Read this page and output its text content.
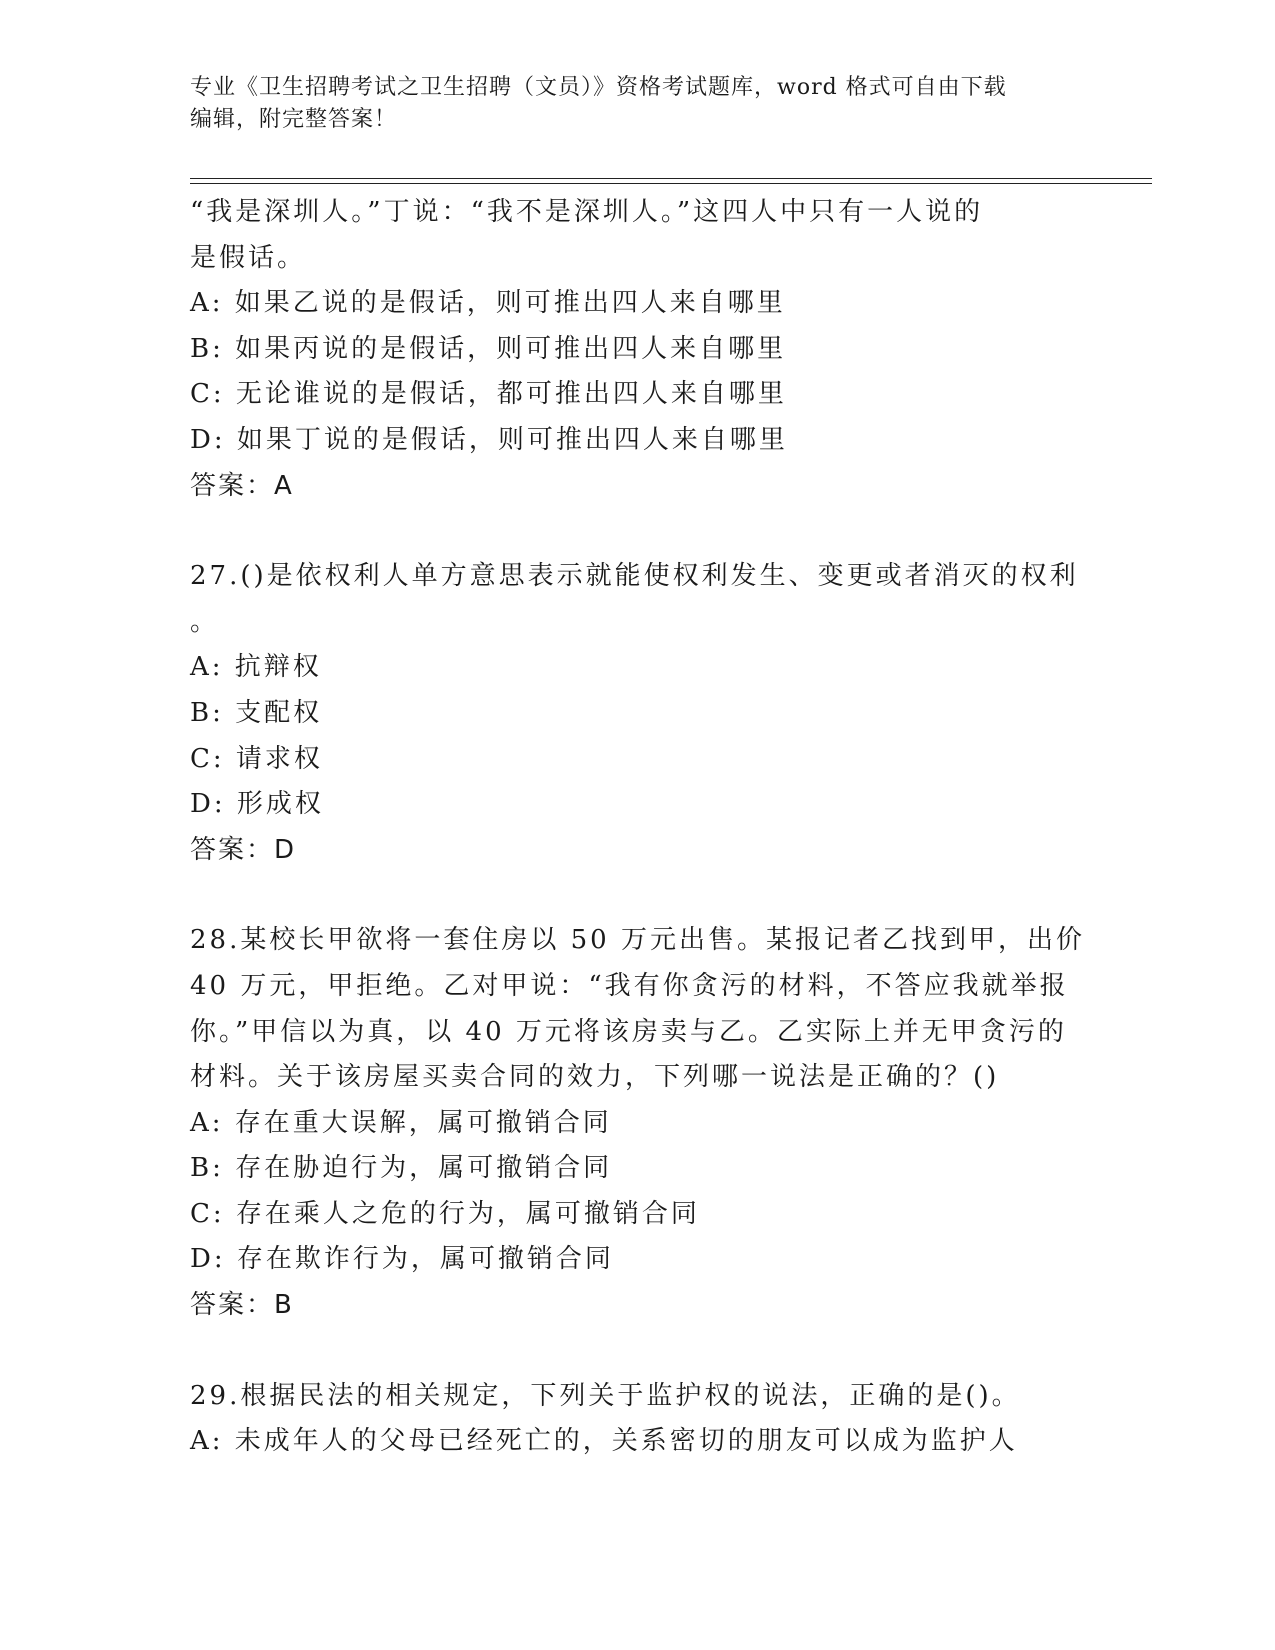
专业《卫生招聘考试之卫生招聘（文员）》资格考试题库，word 格式可自由下载
编辑，附完整答案！
“我是深圳人。”丁说：“我不是深圳人。”这四人中只有一人说的
是假话。
A: 如果乙说的是假话，则可推出四人来自哪里
B: 如果丙说的是假话，则可推出四人来自哪里
C: 无论谁说的是假话，都可推出四人来自哪里
D: 如果丁说的是假话，则可推出四人来自哪里
答案：A
27.()是依权利人单方意思表示就能使权利发生、变更或者消灭的权利
。
A: 抗辩权
B: 支配权
C: 请求权
D: 形成权
答案：D
28.某校长甲欲将一套住房以 50 万元出售。某报记者乙找到甲，出价
40 万元，甲拒绝。乙对甲说：“我有你贪污的材料，不答应我就举报
你。”甲信以为真，以 40 万元将该房卖与乙。乙实际上并无甲贪污的
材料。关于该房屋买卖合同的效力，下列哪一说法是正确的？()
A: 存在重大误解，属可撤销合同
B: 存在胁迫行为，属可撤销合同
C: 存在乘人之危的行为，属可撤销合同
D: 存在欺诈行为，属可撤销合同
答案：B
29.根据民法的相关规定，下列关于监护权的说法，正确的是()。
A: 未成年人的父母已经死亡的，关系密切的朋友可以成为监护人
